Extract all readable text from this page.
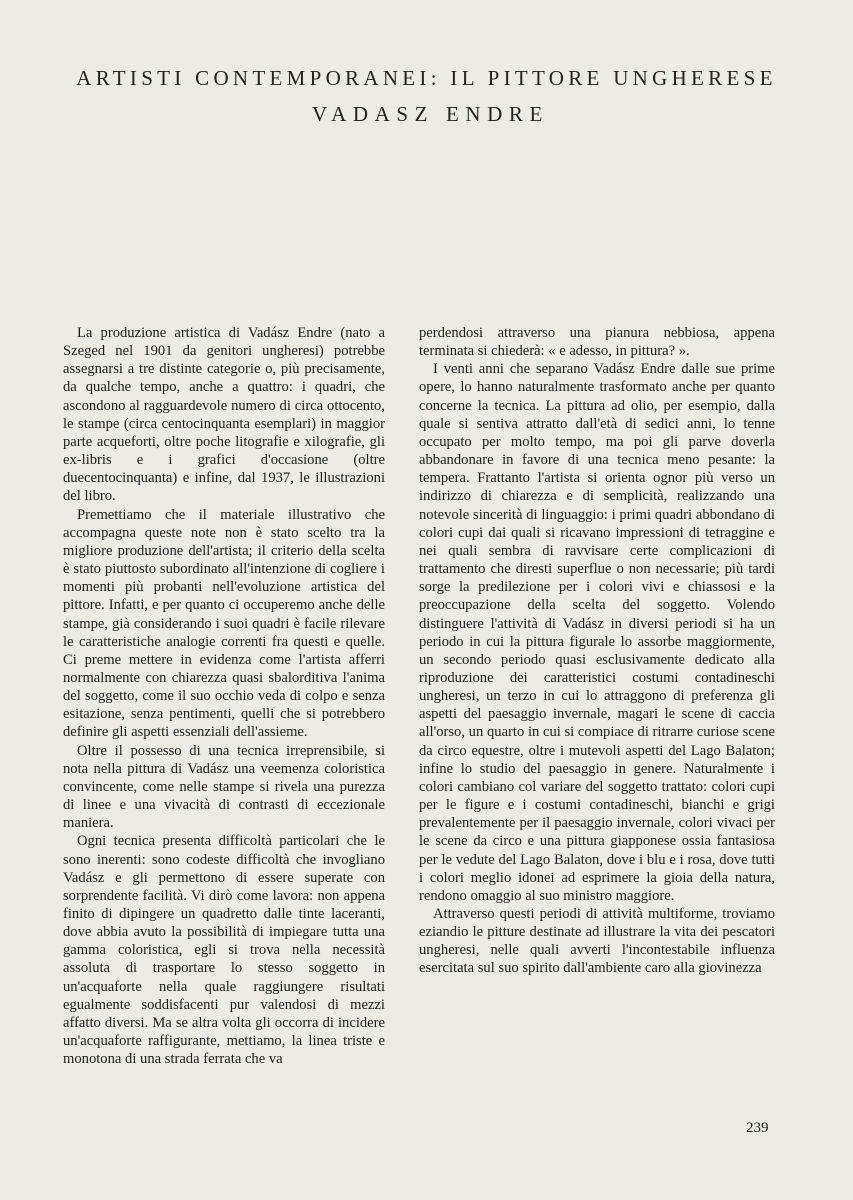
ARTISTI CONTEMPORANEI: IL PITTORE UNGHERESE
VADASZ ENDRE

La produzione artistica di Vadász Endre (nato a Szeged nel 1901 da genitori ungheresi) potrebbe assegnarsi a tre distinte categorie o, più precisamente, da qualche tempo, anche a quattro: i quadri, che ascondono al ragguardevole numero di circa ottocento, le stampe (circa centocinquanta esemplari) in maggior parte acqueforti, oltre poche litografie e xilografie, gli ex-libris e i grafici d'occasione (oltre duecentocinquanta) e infine, dal 1937, le illustrazioni del libro.

Premettiamo che il materiale illustrativo che accompagna queste note non è stato scelto tra la migliore produzione dell'artista; il criterio della scelta è stato piuttosto subordinato all'intenzione di cogliere i momenti più probanti nell'evoluzione artistica del pittore. Infatti, e per quanto ci occuperemo anche delle stampe, già considerando i suoi quadri è facile rilevare le caratteristiche analogie correnti fra questi e quelle. Ci preme mettere in evidenza come l'artista afferri normalmente con chiarezza quasi sbalorditiva l'anima del soggetto, come il suo occhio veda di colpo e senza esitazione, senza pentimenti, quelli che si potrebbero definire gli aspetti essenziali dell'assieme.

Oltre il possesso di una tecnica irreprensibile, si nota nella pittura di Vadász una veemenza coloristica convincente, come nelle stampe si rivela una purezza di linee e una vivacità di contrasti di eccezionale maniera.

Ogni tecnica presenta difficoltà particolari che le sono inerenti: sono codeste difficoltà che invogliano Vadász e gli permettono di essere superate con sorprendente facilità. Vi dirò come lavora: non appena finito di dipingere un quadretto dalle tinte laceranti, dove abbia avuto la possibilità di impiegare tutta una gamma coloristica, egli si trova nella necessità assoluta di trasportare lo stesso soggetto in un'acquaforte nella quale raggiungere risultati egualmente soddisfacenti pur valendosi di mezzi affatto diversi. Ma se altra volta gli occorra di incidere un'acquaforte raffigurante, mettiamo, la linea triste e monotona di una strada ferrata che va

perdendosi attraverso una pianura nebbiosa, appena terminata si chiederà: « e adesso, in pittura? ».

I venti anni che separano Vadász Endre dalle sue prime opere, lo hanno naturalmente trasformato anche per quanto concerne la tecnica. La pittura ad olio, per esempio, dalla quale si sentiva attratto dall'età di sedici anni, lo tenne occupato per molto tempo, ma poi gli parve doverla abbandonare in favore di una tecnica meno pesante: la tempera. Frattanto l'artista si orienta ognor più verso un indirizzo di chiarezza e di semplicità, realizzando una notevole sincerità di linguaggio: i primi quadri abbondano di colori cupi dai quali si ricavano impressioni di tetraggine e nei quali sembra di ravvisare certe complicazioni di trattamento che diresti superflue o non necessarie; più tardi sorge la predilezione per i colori vivi e chiassosi e la preoccupazione della scelta del soggetto. Volendo distinguere l'attività di Vadász in diversi periodi si ha un periodo in cui la pittura figurale lo assorbe maggiormente, un secondo periodo quasi esclusivamente dedicato alla riproduzione dei caratteristici costumi contadineschi ungheresi, un terzo in cui lo attraggono di preferenza gli aspetti del paesaggio invernale, magari le scene di caccia all'orso, un quarto in cui si compiace di ritrarre curiose scene da circo equestre, oltre i mutevoli aspetti del Lago Balaton; infine lo studio del paesaggio in genere. Naturalmente i colori cambiano col variare del soggetto trattato: colori cupi per le figure e i costumi contadineschi, bianchi e grigi prevalentemente per il paesaggio invernale, colori vivaci per le scene da circo e una pittura giapponese ossia fantasiosa per le vedute del Lago Balaton, dove i blu e i rosa, dove tutti i colori meglio idonei ad esprimere la gioia della natura, rendono omaggio al suo ministro maggiore.

Attraverso questi periodi di attività multiforme, troviamo eziandio le pitture destinate ad illustrare la vita dei pescatori ungheresi, nelle quali avverti l'incontestabile influenza esercitata sul suo spirito dall'ambiente caro alla giovinezza

239
